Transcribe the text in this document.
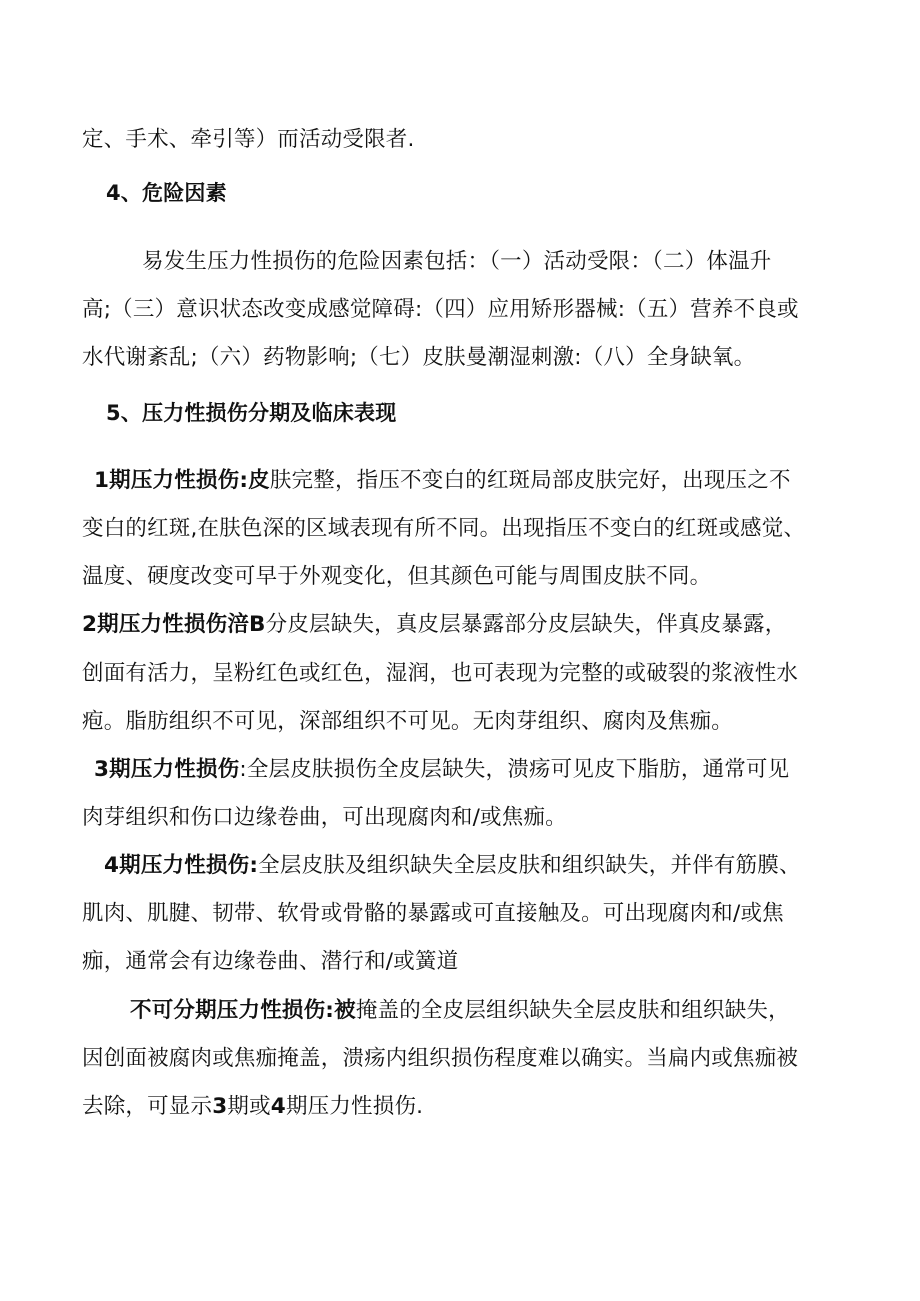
定、手术、牵引等）而活动受限者.
4、危险因素
易发生压力性损伤的危险因素包括：（一）活动受限：（二）体温升
高;（三）意识状态改变成感觉障碍:（四）应用矫形器械:（五）营养不良或
水代谢紊乱;（六）药物影响;（七）皮肤曼潮湿刺激:（八）全身缺氧。
5、压力性损伤分期及临床表现
1期压力性损伤:皮肤完整，指压不变白的红斑局部皮肤完好，出现压之不
变白的红斑,在肤色深的区域表现有所不同。出现指压不变白的红斑或感觉、
温度、硬度改变可早于外观变化，但其颜色可能与周围皮肤不同。
2期压力性损伤涪B分皮层缺失，真皮层暴露部分皮层缺失，伴真皮暴露，
创面有活力，呈粉红色或红色，湿润，也可表现为完整的或破裂的浆液性水
疱。脂肪组织不可见，深部组织不可见。无肉芽组织、腐肉及焦痂。
3期压力性损伤:全层皮肤损伤全皮层缺失，溃疡可见皮下脂肪，通常可见
肉芽组织和伤口边缘卷曲，可出现腐肉和/或焦痂。
4期压力性损伤:全层皮肤及组织缺失全层皮肤和组织缺失，并伴有筋膜、
肌肉、肌腱、韧带、软骨或骨骼的暴露或可直接触及。可出现腐肉和/或焦
痂，通常会有边缘卷曲、潜行和/或簧道
不可分期压力性损伤:被掩盖的全皮层组织缺失全层皮肤和组织缺失，
因创面被腐肉或焦痂掩盖，溃疡内组织损伤程度难以确实。当扁内或焦痂被
去除，可显示3期或4期压力性损伤.
